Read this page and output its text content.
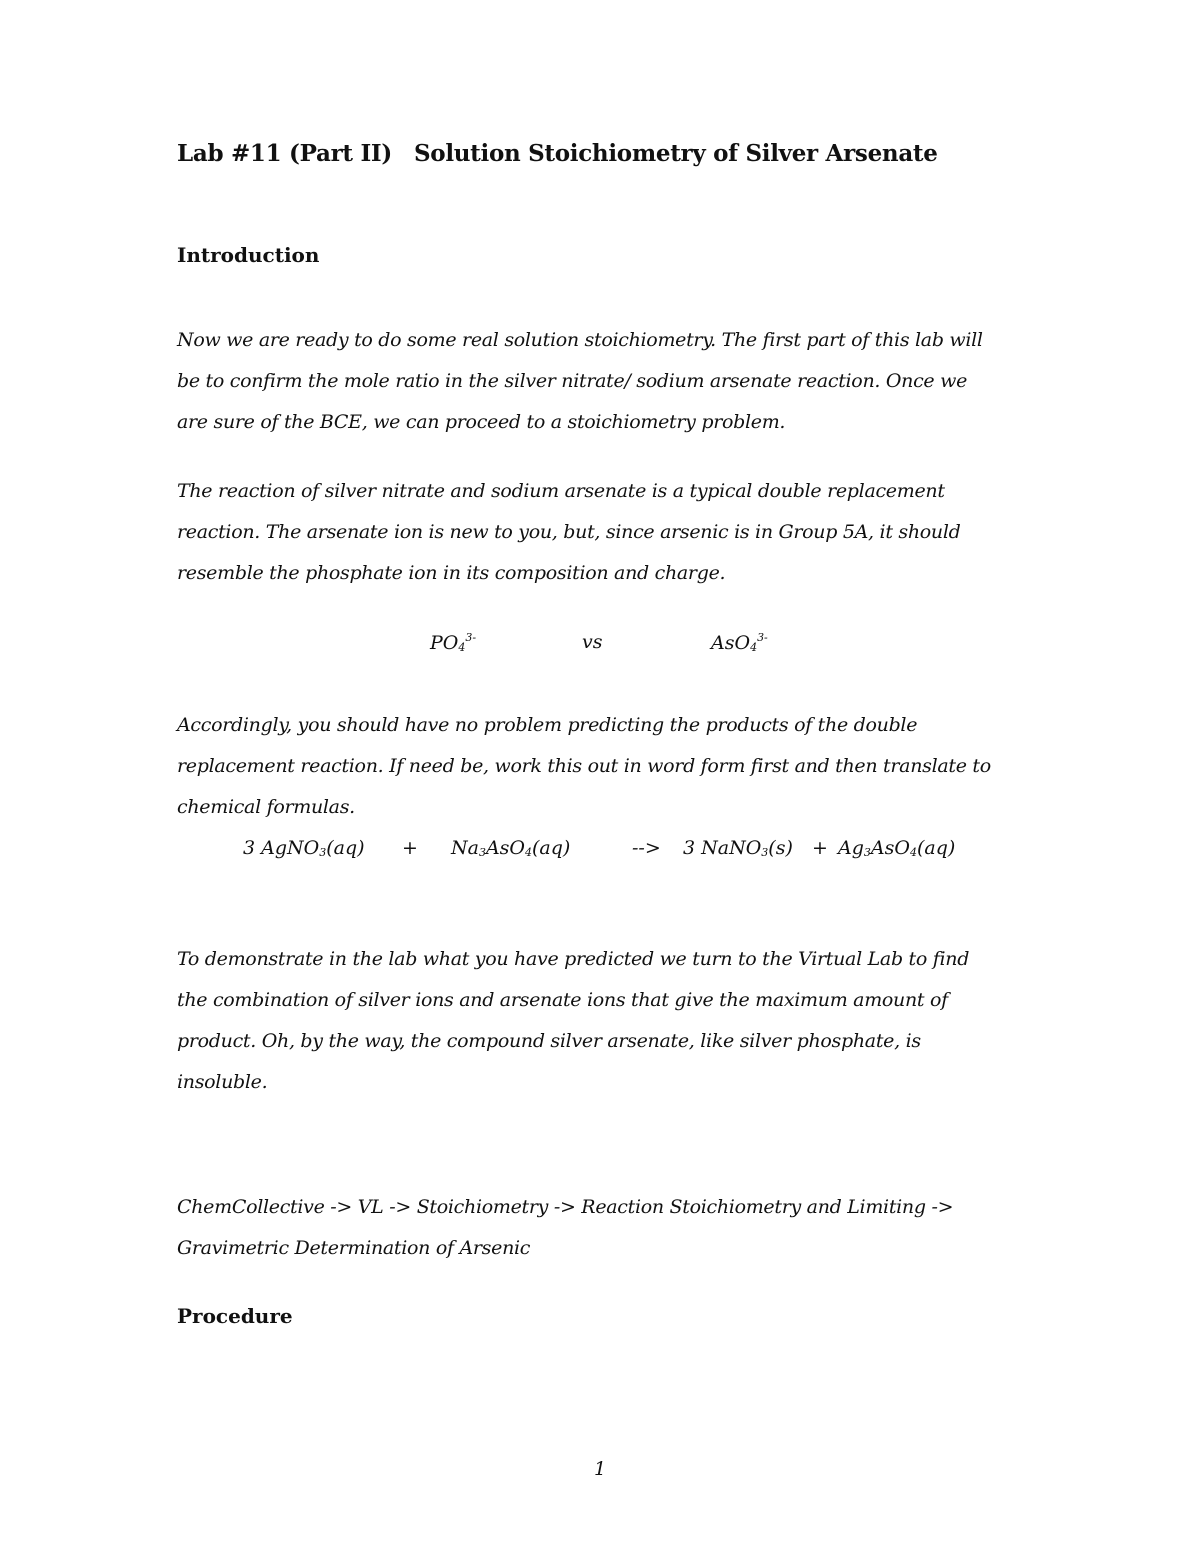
Lab #11 (Part II) Solution Stoichiometry of Silver Arsenate
Introduction
Now we are ready to do some real solution stoichiometry. The first part of this lab will
be to confirm the mole ratio in the silver nitrate/ sodium arsenate reaction. Once we
are sure of the BCE, we can proceed to a stoichiometry problem.
The reaction of silver nitrate and sodium arsenate is a typical double replacement
reaction. The arsenate ion is new to you, but, since arsenic is in Group 5A, it should
resemble the phosphate ion in its composition and charge.
$PO_4^{3-}$	vs	AsO$_4^{3-}$
Accordingly, you should have no problem predicting the products of the double
replacement reaction. If need be, work this out in word form first and then translate to
chemical formulas.
3 AgNO$_3$(aq) + $Na_3AsO_4(aq)$	--> 3 NaNO$_3$(s) + $Ag_3AsO_4(aq)$
To demonstrate in the lab what you have predicted we turn to the Virtual Lab to find
the combination of silver ions and arsenate ions that give the maximum amount of
product. Oh, by the way, the compound silver arsenate, like silver phosphate, is
insoluble.
ChemCollective -> VL -> Stoichiometry -> Reaction Stoichiometry and Limiting ->
Gravimetric Determination of Arsenic
Procedure
1
